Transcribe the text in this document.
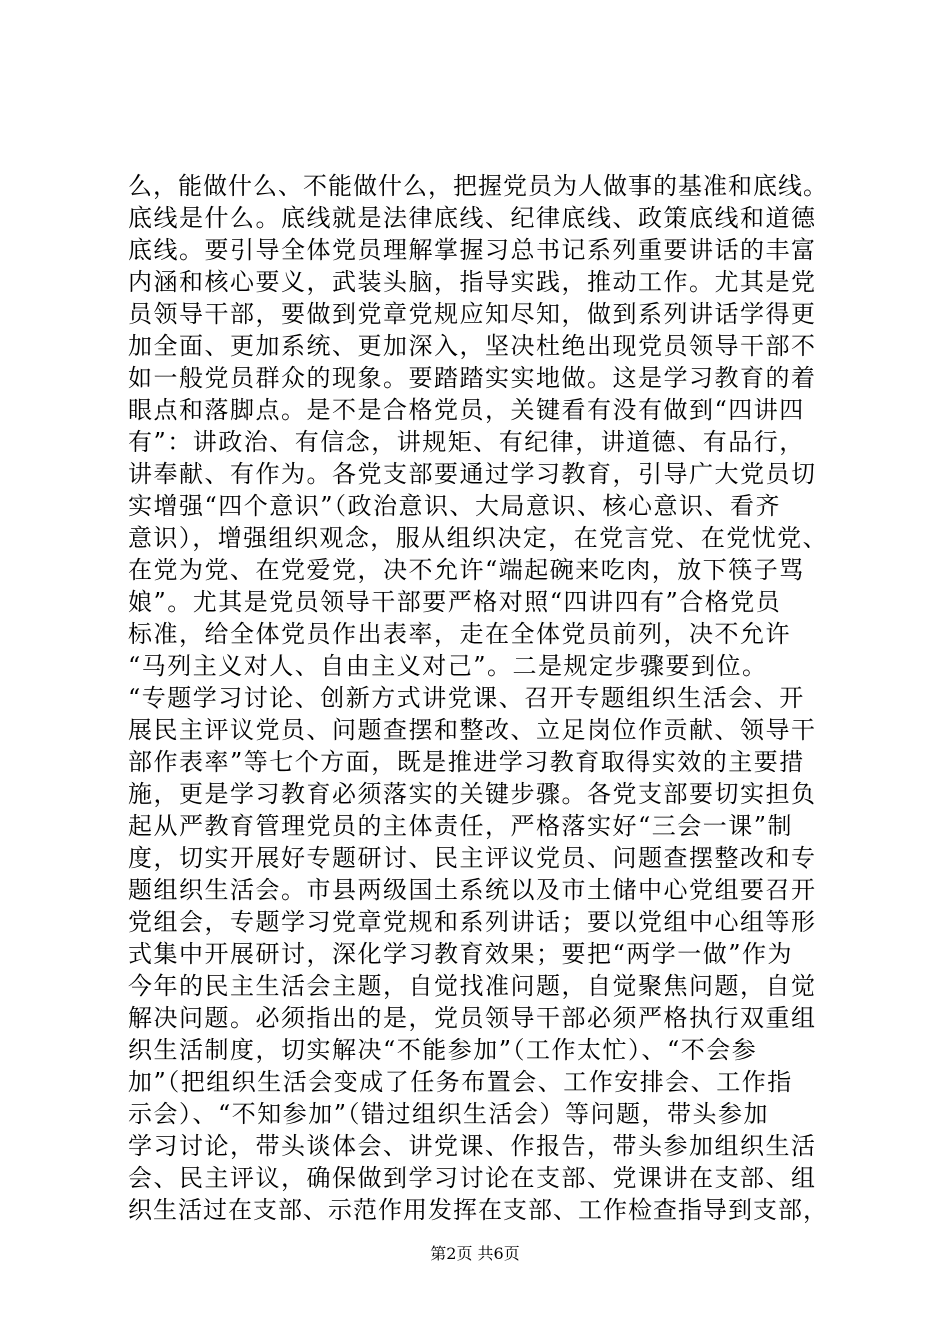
么，能做什么、不能做什么，把握党员为人做事的基准和底线。
底线是什么。底线就是法律底线、纪律底线、政策底线和道德
底线。要引导全体党员理解掌握习总书记系列重要讲话的丰富
内涵和核心要义，武装头脑，指导实践，推动工作。尤其是党
员领导干部，要做到党章党规应知尽知，做到系列讲话学得更
加全面、更加系统、更加深入，坚决杜绝出现党员领导干部不
如一般党员群众的现象。要踏踏实实地做。这是学习教育的着
眼点和落脚点。是不是合格党员，关键看有没有做到“四讲四
有”：讲政治、有信念，讲规矩、有纪律，讲道德、有品行，
讲奉献、有作为。各党支部要通过学习教育，引导广大党员切
实增强“四个意识”（政治意识、大局意识、核心意识、看齐
意识），增强组织观念，服从组织决定，在党言党、在党忧党、
在党为党、在党爱党，决不允许“端起碗来吃肉，放下筷子骂
娘”。尤其是党员领导干部要严格对照“四讲四有”合格党员
标准，给全体党员作出表率，走在全体党员前列，决不允许
“马列主义对人、自由主义对己”。二是规定步骤要到位。
“专题学习讨论、创新方式讲党课、召开专题组织生活会、开
展民主评议党员、问题查摆和整改、立足岗位作贡献、领导干
部作表率”等七个方面，既是推进学习教育取得实效的主要措
施，更是学习教育必须落实的关键步骤。各党支部要切实担负
起从严教育管理党员的主体责任，严格落实好“三会一课”制
度，切实开展好专题研讨、民主评议党员、问题查摆整改和专
题组织生活会。市县两级国土系统以及市土储中心党组要召开
党组会，专题学习党章党规和系列讲话；要以党组中心组等形
式集中开展研讨，深化学习教育效果；要把“两学一做”作为
今年的民主生活会主题，自觉找准问题，自觉聚焦问题，自觉
解决问题。必须指出的是，党员领导干部必须严格执行双重组
织生活制度，切实解决“不能参加”（工作太忙）、“不会参
加”（把组织生活会变成了任务布置会、工作安排会、工作指
示会）、“不知参加”（错过组织生活会）等问题，带头参加
学习讨论，带头谈体会、讲党课、作报告，带头参加组织生活
会、民主评议，确保做到学习讨论在支部、党课讲在支部、组
织生活过在支部、示范作用发挥在支部、工作检查指导到支部，
第2页 共6页
